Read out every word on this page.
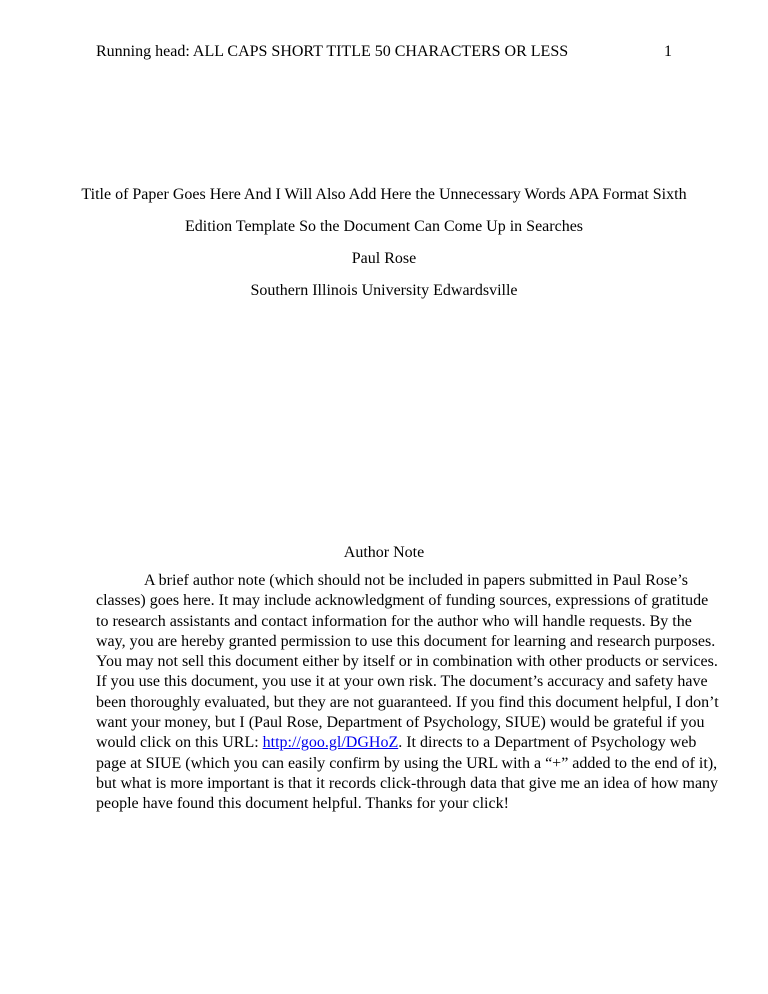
Running head: ALL CAPS SHORT TITLE 50 CHARACTERS OR LESS	1
Title of Paper Goes Here And I Will Also Add Here the Unnecessary Words APA Format Sixth
Edition Template So the Document Can Come Up in Searches
Paul Rose
Southern Illinois University Edwardsville
Author Note
A brief author note (which should not be included in papers submitted in Paul Rose’s
classes) goes here. It may include acknowledgment of funding sources, expressions of gratitude
to research assistants and contact information for the author who will handle requests. By the
way, you are hereby granted permission to use this document for learning and research purposes.
You may not sell this document either by itself or in combination with other products or services.
If you use this document, you use it at your own risk. The document’s accuracy and safety have
been thoroughly evaluated, but they are not guaranteed. If you find this document helpful, I don’t
want your money, but I (Paul Rose, Department of Psychology, SIUE) would be grateful if you
would click on this URL: http://goo.gl/DGHoZ. It directs to a Department of Psychology web
page at SIUE (which you can easily confirm by using the URL with a “+” added to the end of it),
but what is more important is that it records click-through data that give me an idea of how many
people have found this document helpful. Thanks for your click!
